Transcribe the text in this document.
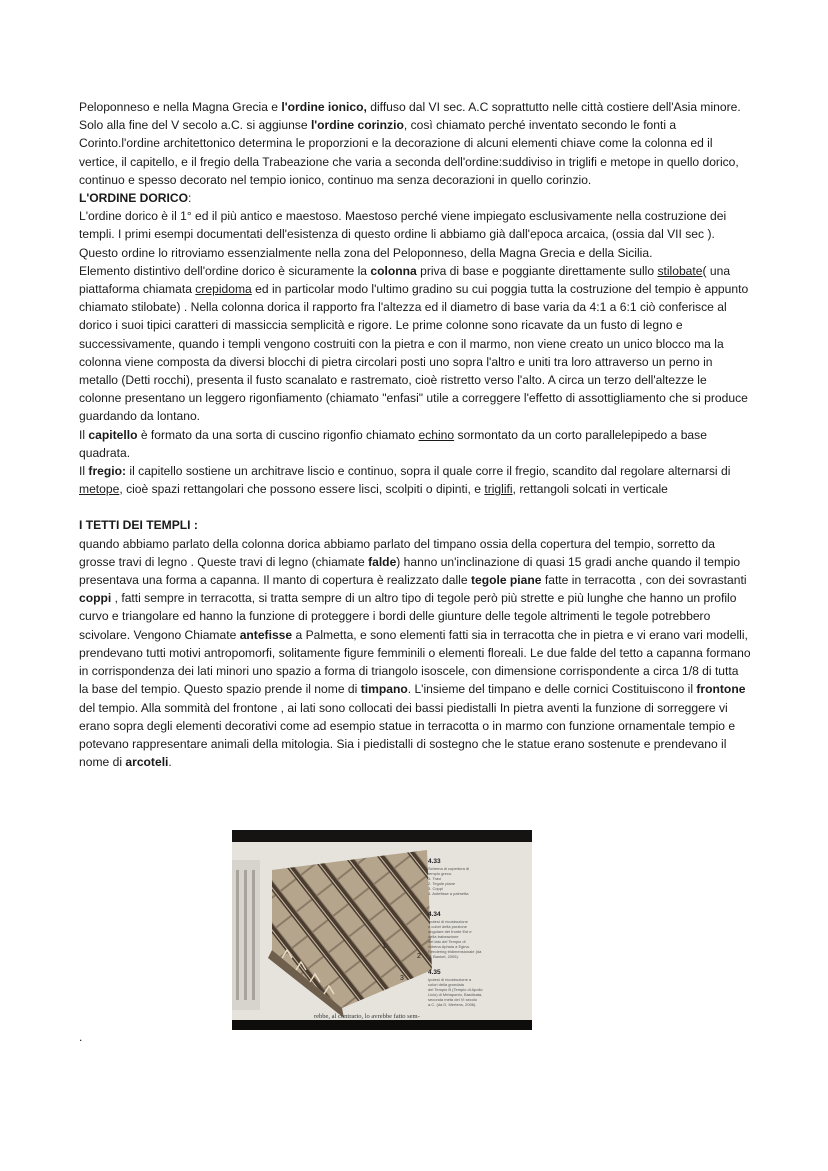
Peloponneso e nella Magna Grecia e l'ordine ionico, diffuso dal VI sec. A.C soprattutto nelle città costiere dell'Asia minore. Solo alla fine del V secolo a.C. si aggiunse l'ordine corinzio, così chiamato perché inventato secondo le fonti a Corinto.l'ordine architettonico determina le proporzioni e la decorazione di alcuni elementi chiave come la colonna ed il vertice, il capitello, e il fregio della Trabeazione che varia a seconda dell'ordine:suddiviso in triglifi e metope in quello dorico, continuo e spesso decorato nel tempio ionico, continuo ma senza decorazioni in quello corinzio.

L'ORDINE DORICO:

L'ordine dorico è il 1° ed il più antico e maestoso. Maestoso perché viene impiegato esclusivamente nella costruzione dei templi. I primi esempi documentati dell'esistenza di questo ordine li abbiamo già dall'epoca arcaica, (ossia dal VII sec ). Questo ordine lo ritroviamo essenzialmente nella zona del Peloponneso, della Magna Grecia e della Sicilia.

Elemento distintivo dell'ordine dorico è sicuramente la colonna priva di base e poggiante direttamente sullo stilobate( una piattaforma chiamata crepidoma ed in particolar modo l'ultimo gradino su cui poggia tutta la costruzione del tempio è appunto chiamato stilobate) . Nella colonna dorica il rapporto fra l'altezza ed il diametro di base varia da 4:1 a 6:1 ciò conferisce al dorico i suoi tipici caratteri di massiccia semplicità e rigore. Le prime colonne sono ricavate da un fusto di legno e successivamente, quando i templi vengono costruiti con la pietra e con il marmo, non viene creato un unico blocco ma la colonna viene composta da diversi blocchi di pietra circolari posti uno sopra l'altro e uniti tra loro attraverso un perno in metallo (Detti rocchi), presenta il fusto scanalato e rastremato, cioè ristretto verso l'alto. A circa un terzo dell'altezze le colonne presentano un leggero rigonfiamento (chiamato "enfasi" utile a correggere l'effetto di assottigliamento che si produce guardando da lontano.

Il capitello è formato da una sorta di cuscino rigonfio chiamato echino sormontato da un corto parallelepipedo a base quadrata.

Il fregio: il capitello sostiene un architrave liscio e continuo, sopra il quale corre il fregio, scandito dal regolare alternarsi di metope, cioè spazi rettangolari che possono essere lisci, scolpiti o dipinti, e triglifi, rettangoli solcati in verticale

I TETTI DEI TEMPLI :

quando abbiamo parlato della colonna dorica abbiamo parlato del timpano ossia della copertura del tempio, sorretto da grosse travi di legno . Queste travi di legno (chiamate falde) hanno un'inclinazione di quasi 15 gradi anche quando il tempio presentava una forma a capanna. Il manto di copertura è realizzato dalle tegole piane fatte in terracotta , con dei sovrastanti coppi , fatti sempre in terracotta, si tratta sempre di un altro tipo di tegole però più strette e più lunghe che hanno un profilo curvo e triangolare ed hanno la funzione di proteggere i bordi delle giunture delle tegole altrimenti le tegole potrebbero scivolare. Vengono Chiamate antefisse a Palmetta, e sono elementi fatti sia in terracotta che in pietra e vi erano vari modelli, prendevano tutti motivi antropomorfi, solitamente figure femminili o elementi floreali. Le due falde del tetto a capanna formano in corrispondenza dei lati minori uno spazio a forma di triangolo isoscele, con dimensione corrispondente a circa 1/8 di tutta la base del tempio. Questo spazio prende il nome di timpano. L'insieme del timpano e delle cornici Costituiscono il frontone del tempio. Alla sommità del frontone , ai lati sono collocati dei bassi piedistalli In pietra aventi la funzione di sorreggere vi erano sopra degli elementi decorativi come ad esempio statue in terracotta o in marmo con funzione ornamentale tempio e potevano rappresentare animali della mitologia. Sia i piedistalli di sostegno che le statue erano sostenute e prendevano il nome di arcoteli.

1
2
3
4.33
Schema di copertura di
tempio greco.
1. Travi
2. Tegole piane
3. Coppi
4. Antefisse a palmetta
4.34
Ipotesi di ricostruzione
a colori della porzione
angolare del fronte Est e
della trabeazione
del lato del Tempio di
Athena Aphaia a Egina.
Rendering tridimensionale (da
H. Bankel, 2005).
4.35
Ipotesi di ricostruzione a
colori della grondaia
del Tempio B (Tempio di Apollo
Licio) di Metaponto, Basilicata,
seconda metà del VI secolo
a.C. (da D. Mertens, 2006).
rebbe, al contrario, lo avrebbe fatto sem-
.
